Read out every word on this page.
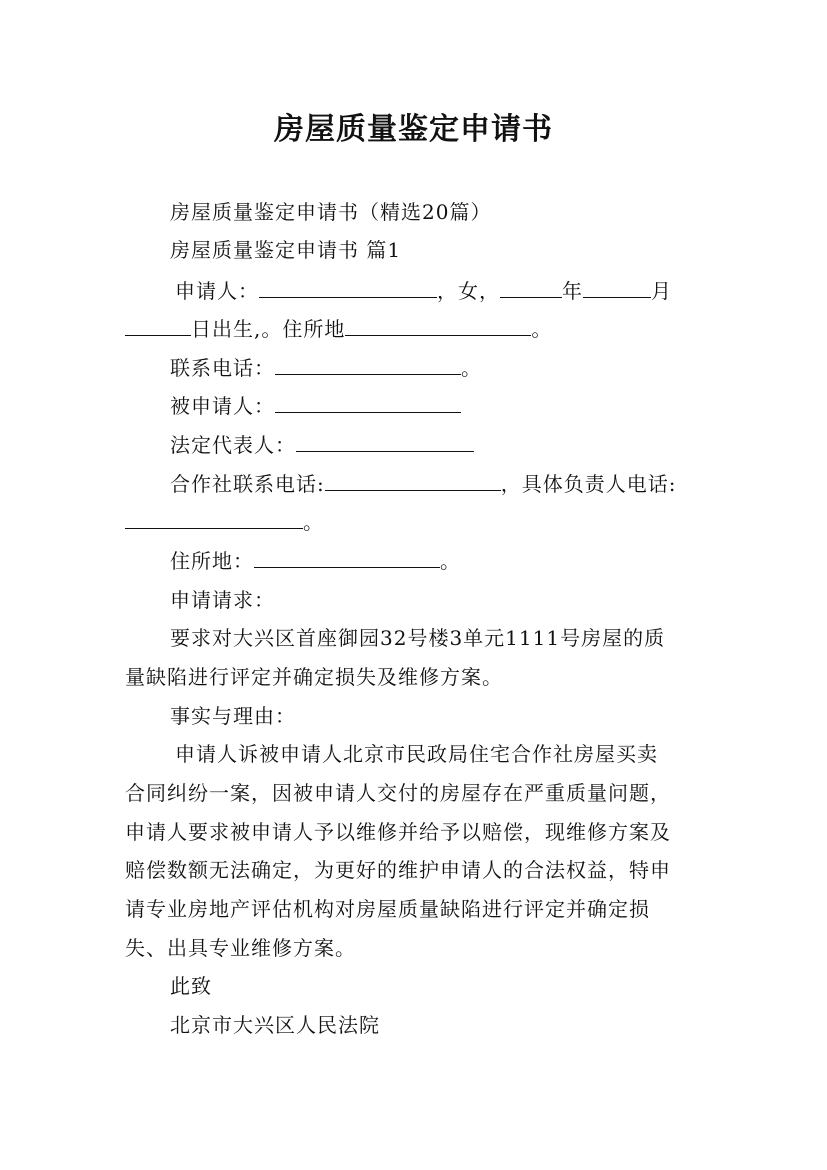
房屋质量鉴定申请书
房屋质量鉴定申请书（精选20篇）
房屋质量鉴定申请书 篇1
申请人：	，女，	年	月
日出生,。住所地	。
联系电话：	。
被申请人：
法定代表人：
合作社联系电话:	，具体负责人电话:
。
住所地：	。
申请请求：
要求对大兴区首座御园32号楼3单元1111号房屋的质
量缺陷进行评定并确定损失及维修方案。
事实与理由：
申请人诉被申请人北京市民政局住宅合作社房屋买卖
合同纠纷一案，因被申请人交付的房屋存在严重质量问题，
申请人要求被申请人予以维修并给予以赔偿，现维修方案及
赔偿数额无法确定，为更好的维护申请人的合法权益，特申
请专业房地产评估机构对房屋质量缺陷进行评定并确定损
失、出具专业维修方案。
此致
北京市大兴区人民法院
